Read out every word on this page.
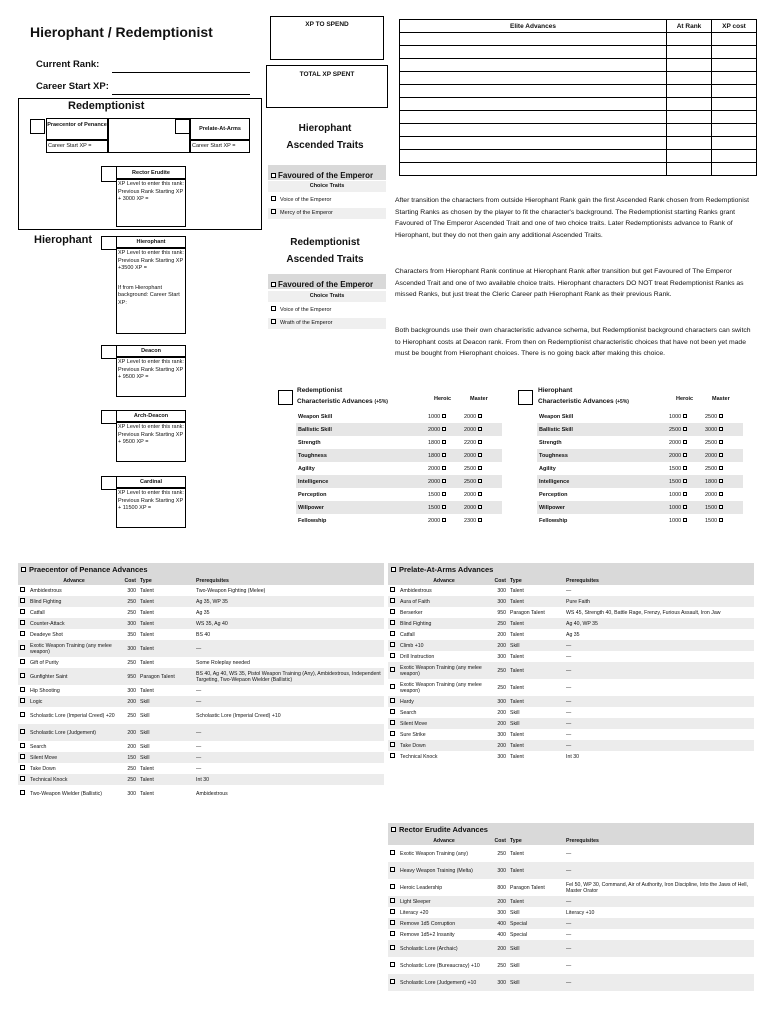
Hierophant / Redemptionist
Current Rank:
Career Start XP:
XP TO SPEND
TOTAL XP SPENT
Redemptionist
Praecentor of Penance
Career Start XP =
Prelate-At-Arms
Career Start XP =
Rector Erudite
XP Level to enter this rank: Previous Rank Starting XP + 3000 XP =
Hierophant	Hierophant
XP Level to enter this rank: Previous Rank Starting XP +3500 XP =
If from Hierophant background: Career Start XP:
Deacon
XP Level to enter this rank: Previous Rank Starting XP + 9500 XP =
Arch-Deacon
XP Level to enter this rank: Previous Rank Starting XP + 9500 XP =
Cardinal
XP Level to enter this rank: Previous Rank Starting XP + 11500 XP =
Hierophant
Ascended Traits
Favoured of the Emperor
Choice Traits
Voice of the Emperor
Mercy of the Emperor
Redemptionist
Ascended Traits
Favoured of the Emperor
Choice Traits
Voice of the Emperor
Wrath of the Emperor
Elite Advances	At Rank	XP cost

After transition the characters from outside Hierophant Rank gain the first Ascended Rank chosen from Redemptionist Starting Ranks as chosen by the player to fit the character's background. The Redemptionist starting Ranks grant Favoured of The Emperor Ascended Trait and one of two choice traits. Later Redemptionists advance to Rank of Hierophant, but they do not then gain any additional Ascended Traits.
Characters from Hierophant Rank continue at Hierophant Rank after transition but get Favoured of The Emperor Ascended Trait and one of two available choice traits. Hierophant characters DO NOT treat Redemptionist Ranks as missed Ranks, but just treat the Cleric Career path Hierophant Rank as their previous Rank.
Both backgrounds use their own characteristic advance schema, but Redemptionist background characters can switch to Hierophant costs at Deacon rank. From then on Redemptionist characteristic choices that have not been yet made must be bought from Hierophant choices. There is no going back after making this choice.
Redemptionist
Characteristic Advances (+5%)	Heroic	Master
Weapon Skill	1000	2000
Ballistic Skill	2000	2000
Strength	1800	2200
Toughness	1800	2000
Agility	2000	2500
Intelligence	2000	2500
Perception	1500	2000
Willpower	1500	2000
Fellowship	2000	2300
Hierophant
Characteristic Advances (+5%)	Heroic	Master
Weapon Skill	1000	2500
Ballistic Skill	2500	3000
Strength	2000	2500
Toughness	2000	2000
Agility	1500	2500
Intelligence	1500	1800
Perception	1000	2000
Willpower	1000	1500
Fellowship	1000	1500
Praecentor of Penance Advances
	Advance	Cost	Type	Prerequisites
	Ambidextrous	300	Talent	Two-Weapon Fighting (Melee)
	Blind Fighting	250	Talent	Ag 35, WP 35
	Catfall	250	Talent	Ag 35
	Counter-Attack	300	Talent	WS 35, Ag 40
	Deadeye Shot	350	Talent	BS 40
	Exotic Weapon Training (any melee weapon)	300	Talent	—
	Gift of Purity	250	Talent	Some Roleplay needed
	Gunfighter Saint	950	Paragon Talent	BS 40, Ag 40, WS 35, Pistol Weapon Training (Any), Ambidextrous, Independent Targeting, Two-Wepaon Wielder (Ballistic)
	Hip Shooting	300	Talent	—
	Logic	200	Skill	—
	Scholastic Lore (Imperial Creed) +20	250	Skill	Scholastic Lore (Imperial Creed) +10
	Scholastic Lore (Judgement)	200	Skill	—
	Search	200	Skill	—
	Silent Move	150	Skill	—
	Take Down	250	Talent	—
	Technical Knock	250	Talent	Int 30
	Two-Weapon Wielder (Ballistic)	300	Talent	Ambidextrous
Prelate-At-Arms Advances
	Advance	Cost	Type	Prerequisites
	Ambidextrous	300	Talent	—
	Aura of Faith	300	Talent	Pure Faith
	Berserker	950	Paragon Talent	WS 45, Strength 40, Battle Rage, Frenzy, Furious Assault, Iron Jaw
	Blind Fighting	250	Talent	Ag 40, WP 35
	Catfall	200	Talent	Ag 35
	Climb +10	200	Skill	—
	Drill Instruction	300	Talent	—
	Exotic Weapon Training (any melee weapon)	250	Talent	—
	Exotic Weapon Training (any melee weapon)	250	Talent	—
	Hardy	300	Talent	—
	Search	200	Skill	—
	Silent Move	200	Skill	—
	Sure Strike	300	Talent	—
	Take Down	200	Talent	—
	Technical Knock	300	Talent	Int 30
Rector Erudite Advances
	Advance	Cost	Type	Prerequisites
	Exotic Weapon Training (any)	250	Talent	—
	Heavy Weapon Training (Melta)	300	Talent	—
	Heroic Leadership	800	Paragon Talent	Fel 50, WP 30, Command, Air of Authority, Iron Discipline, Into the Jaws of Hell, Master Orator
	Light Sleeper	200	Talent	—
	Literacy +20	300	Skill	Literacy +10
	Remove 1d5 Corruption	400	Special	—
	Remove 1d5+2 Insanity	400	Special	—
	Scholastic Lore (Archaic)	200	Skill	—
	Scholastic Lore (Bureaucracy) +10	250	Skill	—
	Scholastic Lore (Judgement) +10	300	Skill	—
